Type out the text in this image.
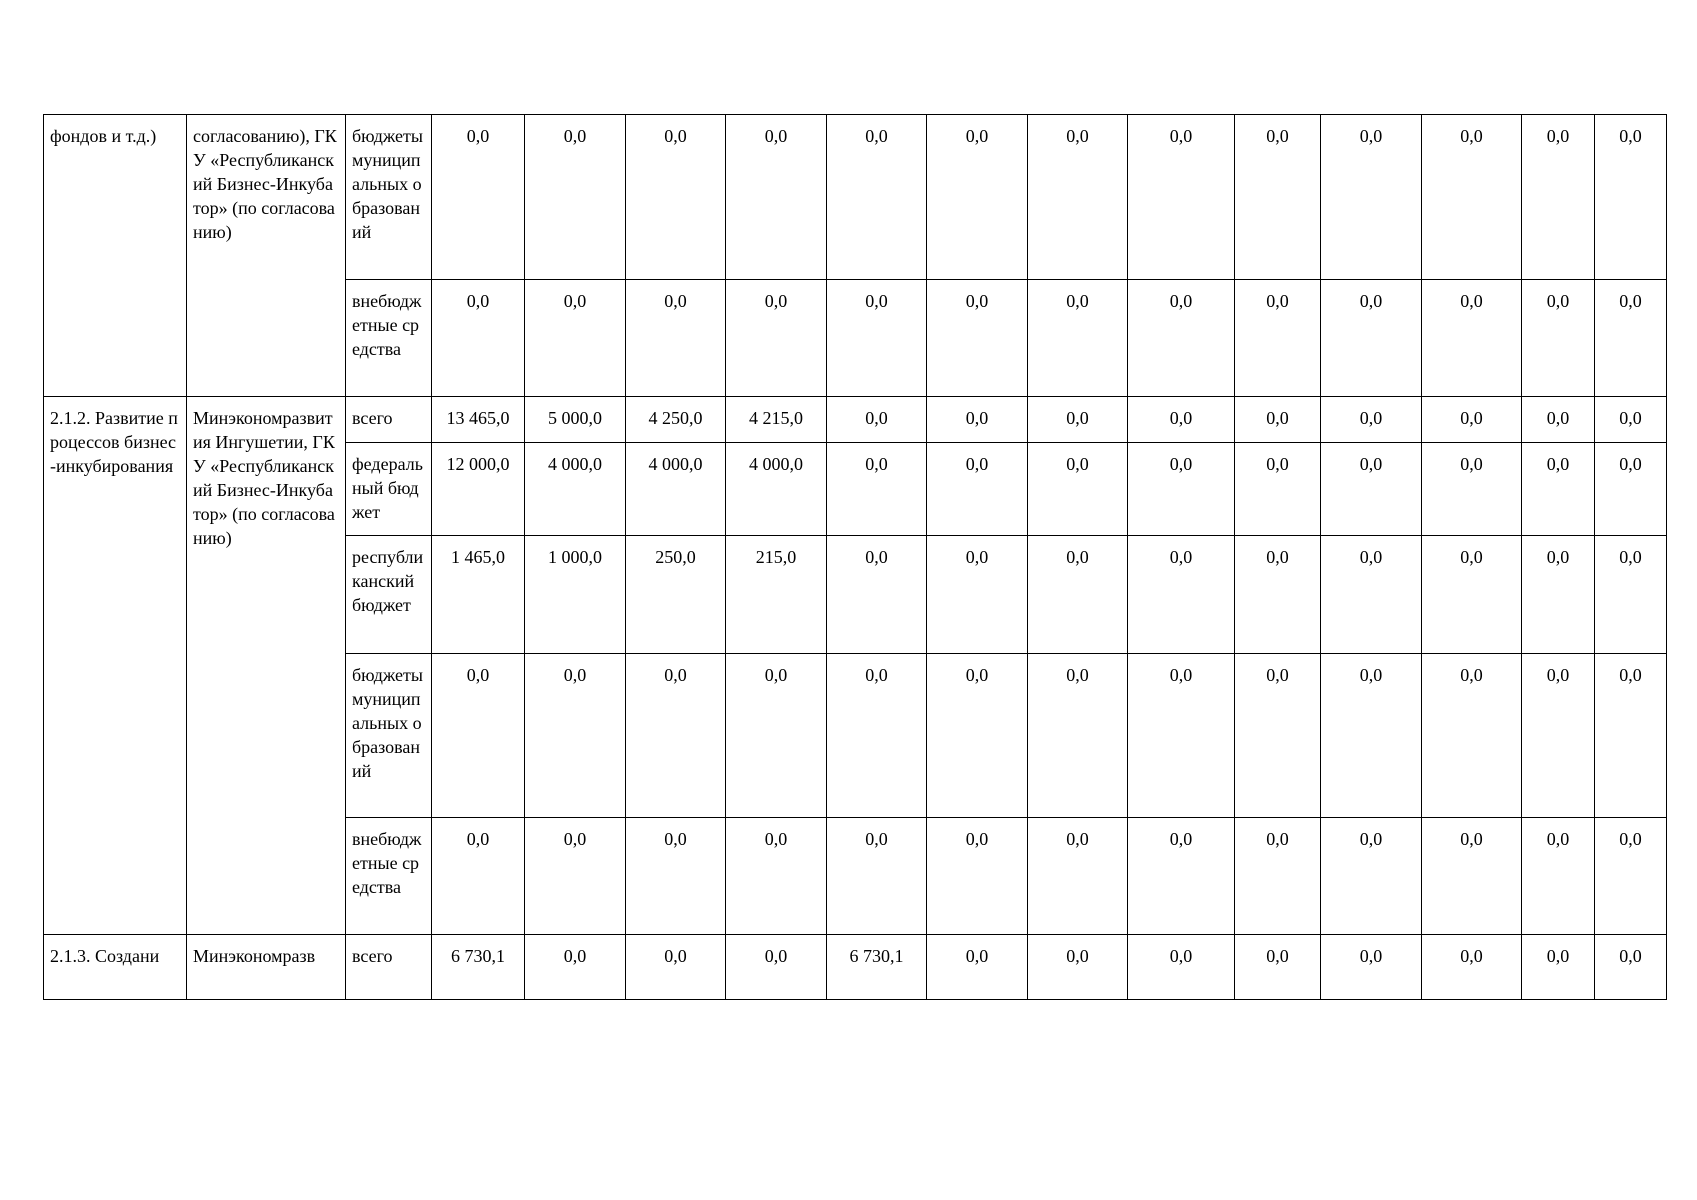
фондов и т.д.)	согласованию), ГКУ «Республиканский Бизнес-Инкубатор» (по согласованию)	бюджеты муниципальных образований	0,0	0,0	0,0	0,0	0,0	0,0	0,0	0,0	0,0	0,0	0,0	0,0	0,0
		внебюджетные средства	0,0	0,0	0,0	0,0	0,0	0,0	0,0	0,0	0,0	0,0	0,0	0,0	0,0
2.1.2. Развитие процессов бизнес-инкубирования	Минэкономразвития Ингушетии, ГКУ «Республиканский Бизнес-Инкубатор» (по согласованию)	всего	13 465,0	5 000,0	4 250,0	4 215,0	0,0	0,0	0,0	0,0	0,0	0,0	0,0	0,0	0,0
		федеральный бюджет	12 000,0	4 000,0	4 000,0	4 000,0	0,0	0,0	0,0	0,0	0,0	0,0	0,0	0,0	0,0
		республиканский бюджет	1 465,0	1 000,0	250,0	215,0	0,0	0,0	0,0	0,0	0,0	0,0	0,0	0,0	0,0
		бюджеты муниципальных образований	0,0	0,0	0,0	0,0	0,0	0,0	0,0	0,0	0,0	0,0	0,0	0,0	0,0
		внебюджетные средства	0,0	0,0	0,0	0,0	0,0	0,0	0,0	0,0	0,0	0,0	0,0	0,0	0,0
2.1.3. Создани	Минэкономразв	всего	6 730,1	0,0	0,0	0,0	6 730,1	0,0	0,0	0,0	0,0	0,0	0,0	0,0	0,0
